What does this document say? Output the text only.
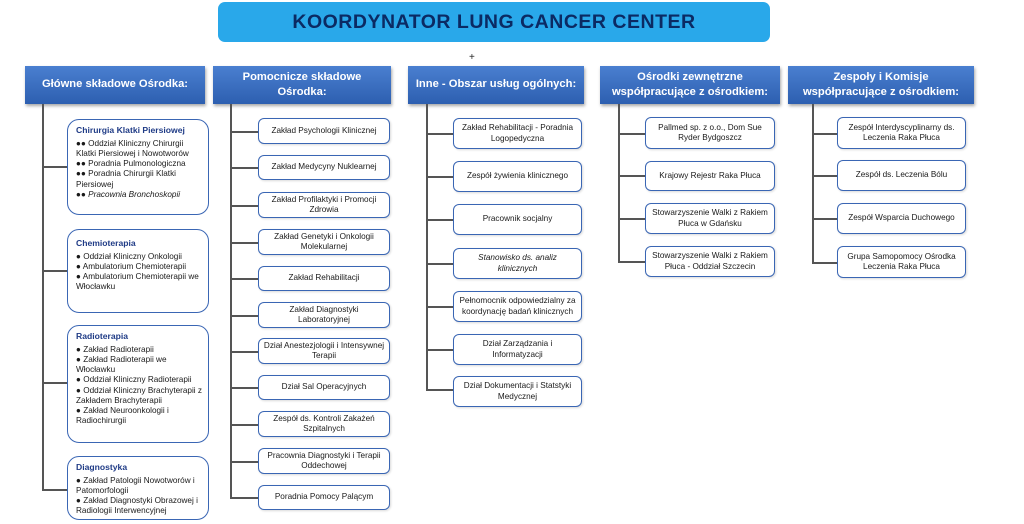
KOORDYNATOR LUNG CANCER CENTER
+
Główne składowe Ośrodka:
Chirurgia Klatki Piersiowej
●● Oddział Kliniczny Chirurgii Klatki Piersiowej i Nowotworów
●● Poradnia Pulmonologiczna
●● Poradnia Chirurgii Klatki Piersiowej
●● Pracownia Bronchoskopii
Chemioterapia
● Oddział Kliniczny Onkologii
● Ambulatorium Chemioterapii
● Ambulatorium Chemioterapii we Włocławku
Radioterapia
● Zakład Radioterapii
● Zakład Radioterapii we Włocławku
● Oddział Kliniczny Radioterapii
● Oddział Kliniczny Brachyterapii z Zakładem Brachyterapii
● Zakład Neuroonkologii i Radiochirurgii
Diagnostyka
● Zakład Patologii Nowotworów i Patomorfologii
● Zakład Diagnostyki Obrazowej i Radiologii Interwencyjnej
Pomocnicze składowe Ośrodka:
Zakład Psychologii Klinicznej
Zakład Medycyny Nuklearnej
Zakład Profilaktyki i Promocji Zdrowia
Zakład Genetyki i Onkologii Molekularnej
Zakład Rehabilitacji
Zakład Diagnostyki Laboratoryjnej
Dział Anestezjologii i Intensywnej Terapii
Dział Sal Operacyjnych
Zespół ds. Kontroli Zakażeń Szpitalnych
Pracownia Diagnostyki i Terapii Oddechowej
Poradnia Pomocy Palącym
Inne - Obszar usług ogólnych:
Zakład Rehabilitacji - Poradnia Logopedyczna
Zespół żywienia klinicznego
Pracownik socjalny
Stanowisko ds. analiz klinicznych
Pełnomocnik odpowiedzialny za koordynację badań klinicznych
Dział Zarządzania i Informatyzacji
Dział Dokumentacji i Statstyki Medycznej
Ośrodki zewnętrzne współpracujące z ośrodkiem:
Pallmed sp. z o.o., Dom Sue Ryder Bydgoszcz
Krajowy Rejestr Raka Płuca
Stowarzyszenie Walki z Rakiem Płuca w Gdańsku
Stowarzyszenie Walki z Rakiem Płuca - Oddział Szczecin
Zespoły i Komisje współpracujące z ośrodkiem:
Zespół Interdyscyplinarny ds. Leczenia Raka Płuca
Zespół ds. Leczenia Bólu
Zespół Wsparcia Duchowego
Grupa Samopomocy Ośrodka Leczenia Raka Płuca
